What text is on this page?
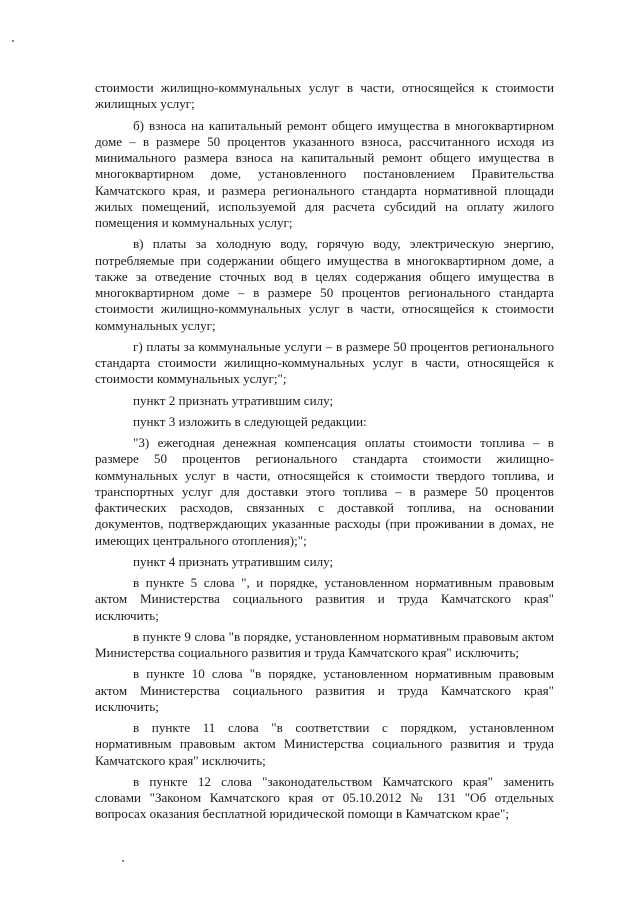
стоимости жилищно-коммунальных услуг в части, относящейся к стоимости жилищных услуг;

б) взноса на капитальный ремонт общего имущества в многоквартирном доме – в размере 50 процентов указанного взноса, рассчитанного исходя из минимального размера взноса на капитальный ремонт общего имущества в многоквартирном доме, установленного постановлением Правительства Камчатского края, и размера регионального стандарта нормативной площади жилых помещений, используемой для расчета субсидий на оплату жилого помещения и коммунальных услуг;

в) платы за холодную воду, горячую воду, электрическую энергию, потребляемые при содержании общего имущества в многоквартирном доме, а также за отведение сточных вод в целях содержания общего имущества в многоквартирном доме – в размере 50 процентов регионального стандарта стоимости жилищно-коммунальных услуг в части, относящейся к стоимости коммунальных услуг;

г) платы за коммунальные услуги – в размере 50 процентов регионального стандарта стоимости жилищно-коммунальных услуг в части, относящейся к стоимости коммунальных услуг;";

пункт 2 признать утратившим силу;

пункт 3 изложить в следующей редакции:

"3) ежегодная денежная компенсация оплаты стоимости топлива – в размере 50 процентов регионального стандарта стоимости жилищно-коммунальных услуг в части, относящейся к стоимости твердого топлива, и транспортных услуг для доставки этого топлива – в размере 50 процентов фактических расходов, связанных с доставкой топлива, на основании документов, подтверждающих указанные расходы (при проживании в домах, не имеющих центрального отопления);";

пункт 4 признать утратившим силу;

в пункте 5 слова ", и порядке, установленном нормативным правовым актом Министерства социального развития и труда Камчатского края" исключить;

в пункте 9 слова "в порядке, установленном нормативным правовым актом Министерства социального развития и труда Камчатского края" исключить;

в пункте 10 слова "в порядке, установленном нормативным правовым актом Министерства социального развития и труда Камчатского края" исключить;

в пункте 11 слова "в соответствии с порядком, установленном нормативным правовым актом Министерства социального развития и труда Камчатского края" исключить;

в пункте 12 слова "законодательством Камчатского края" заменить словами "Законом Камчатского края от 05.10.2012 № 131 "Об отдельных вопросах оказания бесплатной юридической помощи в Камчатском крае";
